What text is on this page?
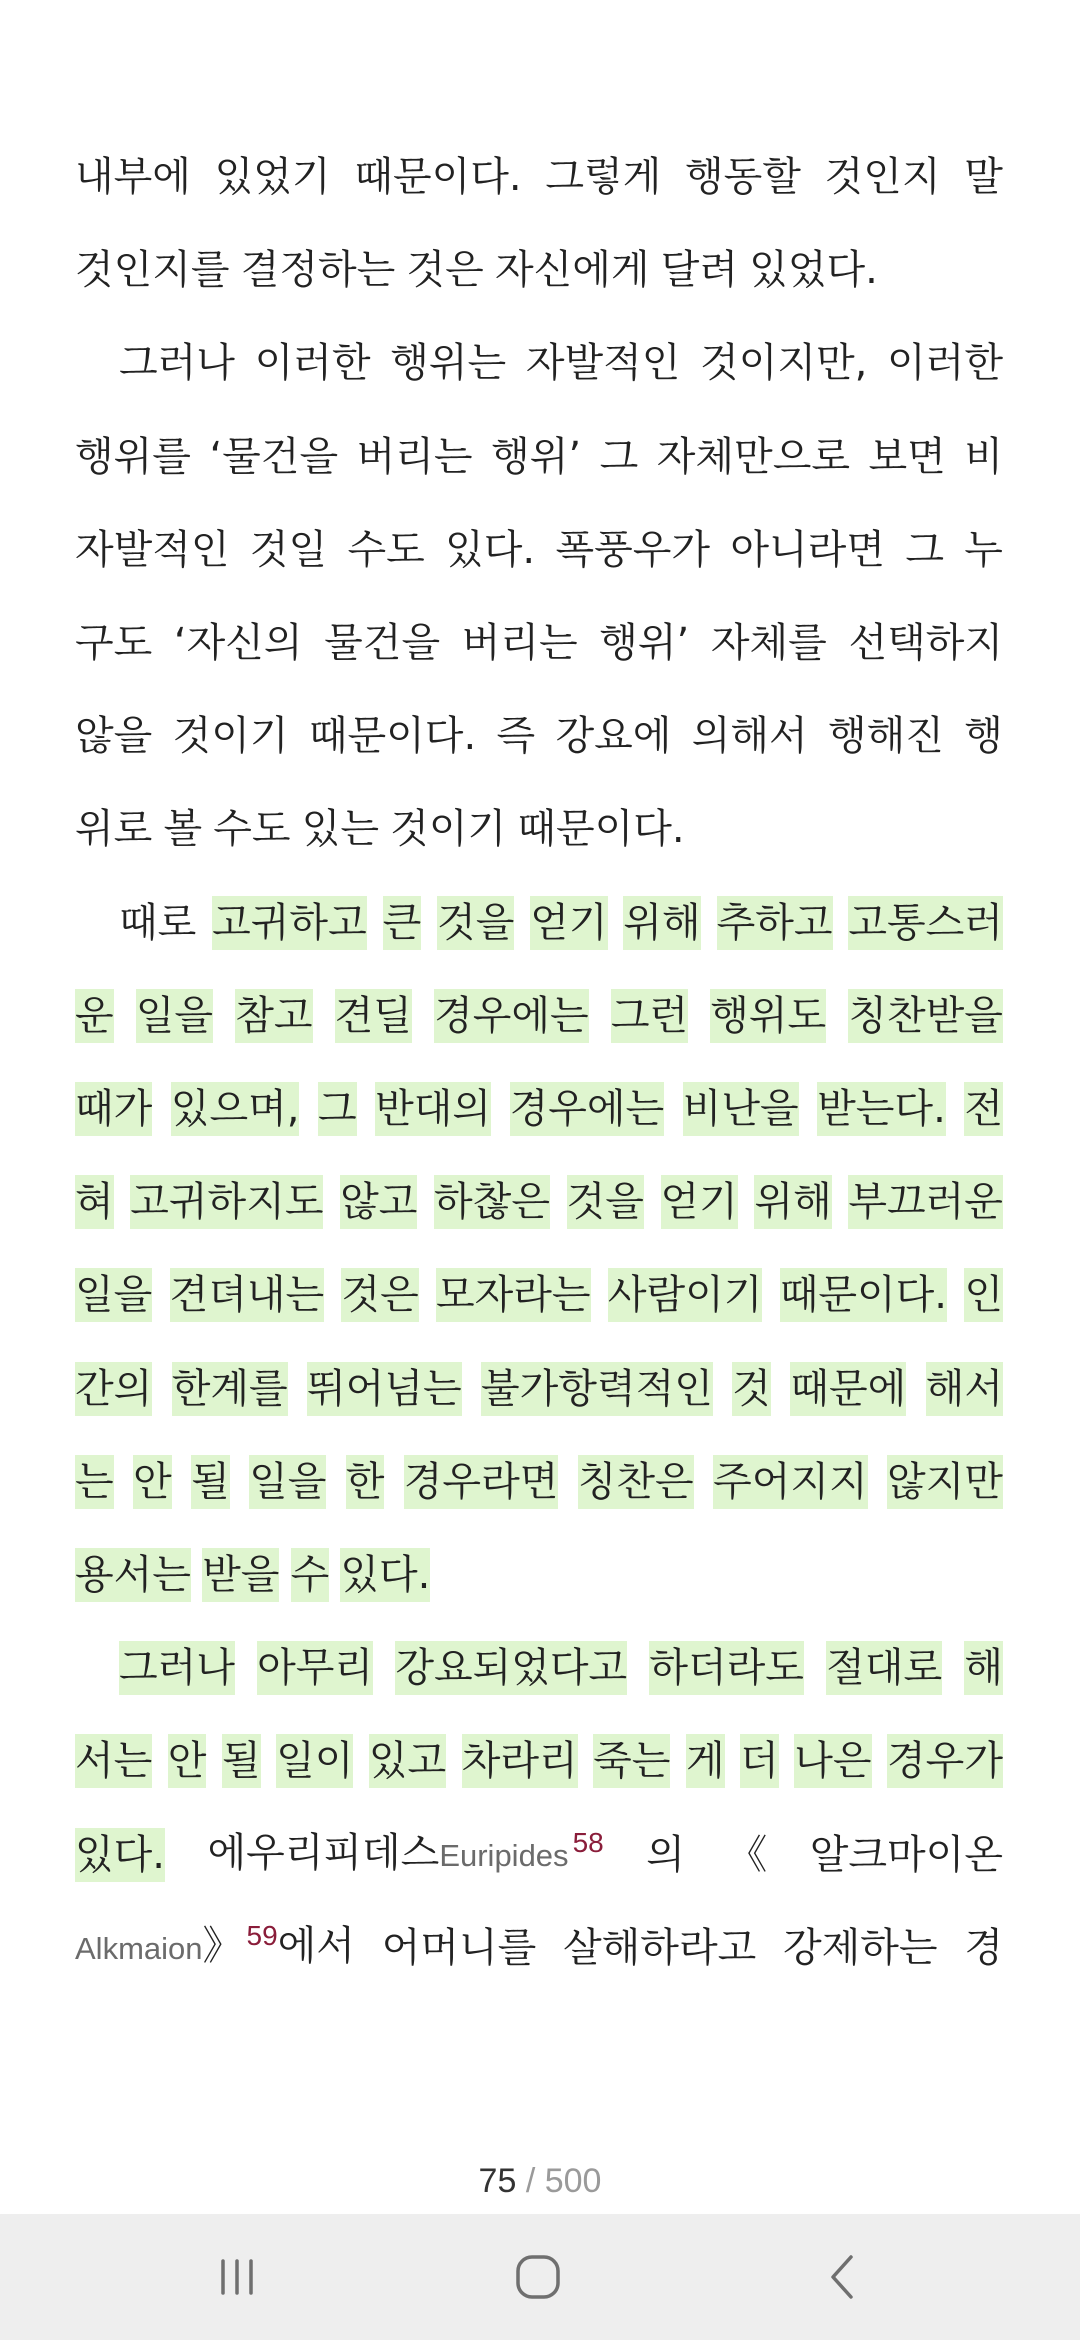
내부에 있었기 때문이다. 그렇게 행동할 것인지 말
것인지를 결정하는 것은 자신에게 달려 있었다.
그러나 이러한 행위는 자발적인 것이지만, 이러한
행위를 ‘물건을 버리는 행위’ 그 자체만으로 보면 비
자발적인 것일 수도 있다. 폭풍우가 아니라면 그 누
구도 ‘자신의 물건을 버리는 행위’ 자체를 선택하지
않을 것이기 때문이다. 즉 강요에 의해서 행해진 행
위로 볼 수도 있는 것이기 때문이다.
때로 고귀하고 큰 것을 얻기 위해 추하고 고통스러
운 일을 참고 견딜 경우에는 그런 행위도 칭찬받을
때가 있으며, 그 반대의 경우에는 비난을 받는다. 전
혀 고귀하지도 않고 하찮은 것을 얻기 위해 부끄러운
일을 견뎌내는 것은 모자라는 사람이기 때문이다. 인
간의 한계를 뛰어넘는 불가항력적인 것 때문에 해서
는 안 될 일을 한 경우라면 칭찬은 주어지지 않지만
용서는 받을 수 있다.
그러나 아무리 강요되었다고 하더라도 절대로 해
서는 안 될 일이 있고 차라리 죽는 게 더 나은 경우가
있다. 에우리피데스Euripides $^{58}$ 의 《 알크마이온
Alkmaion》 $^{59}$에서 어머니를 살해하라고 강제하는 경
75 / 500
